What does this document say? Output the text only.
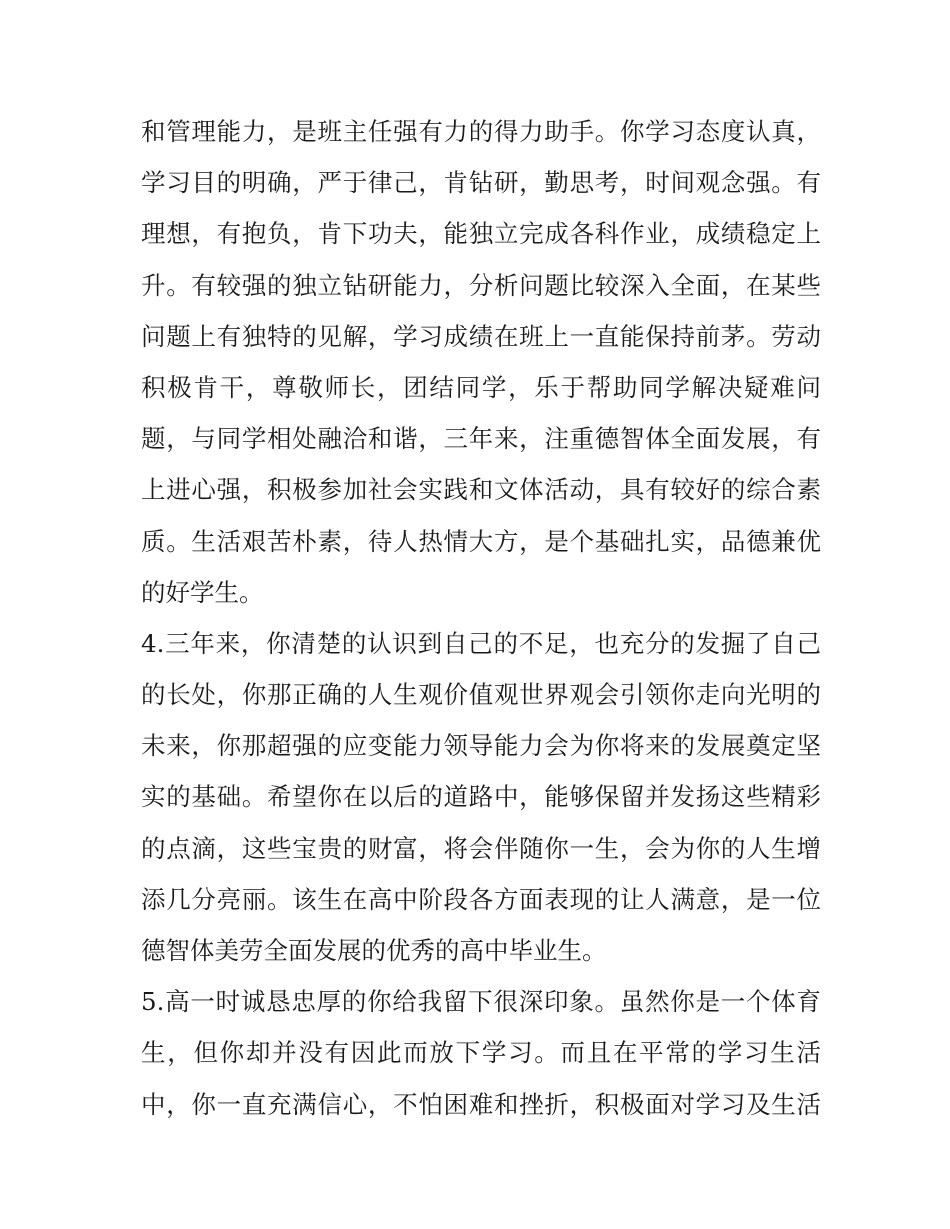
和管理能力，是班主任强有力的得力助手。你学习态度认真，
学习目的明确，严于律己，肯钻研，勤思考，时间观念强。有
理想，有抱负，肯下功夫，能独立完成各科作业，成绩稳定上
升。有较强的独立钻研能力，分析问题比较深入全面，在某些
问题上有独特的见解，学习成绩在班上一直能保持前茅。劳动
积极肯干，尊敬师长，团结同学，乐于帮助同学解决疑难问
题，与同学相处融洽和谐，三年来，注重德智体全面发展，有
上进心强，积极参加社会实践和文体活动，具有较好的综合素
质。生活艰苦朴素，待人热情大方，是个基础扎实，品德兼优
的好学生。
4.三年来，你清楚的认识到自己的不足，也充分的发掘了自己
的长处，你那正确的人生观价值观世界观会引领你走向光明的
未来，你那超强的应变能力领导能力会为你将来的发展奠定坚
实的基础。希望你在以后的道路中，能够保留并发扬这些精彩
的点滴，这些宝贵的财富，将会伴随你一生，会为你的人生增
添几分亮丽。该生在高中阶段各方面表现的让人满意，是一位
德智体美劳全面发展的优秀的高中毕业生。
5.高一时诚恳忠厚的你给我留下很深印象。虽然你是一个体育
生，但你却并没有因此而放下学习。而且在平常的学习生活
中，你一直充满信心，不怕困难和挫折，积极面对学习及生活
